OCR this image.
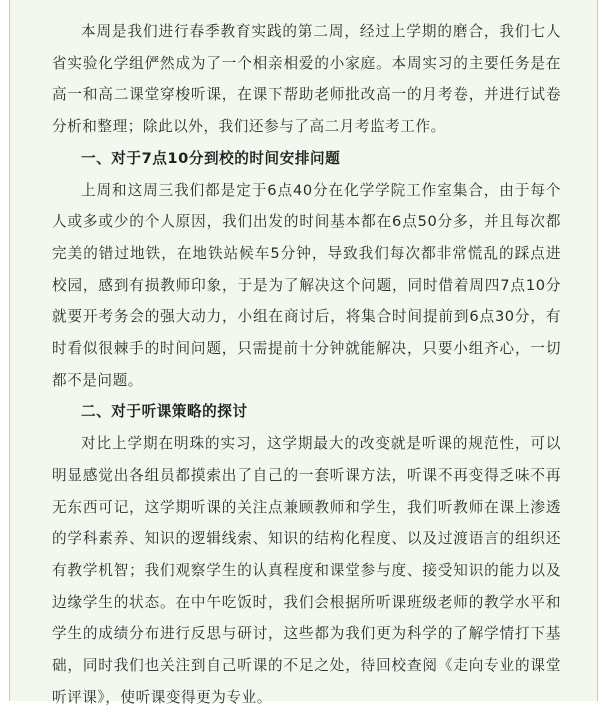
本周是我们进行春季教育实践的第二周，经过上学期的磨合，我们七人省实验化学组俨然成为了一个相亲相爱的小家庭。本周实习的主要任务是在高一和高二课堂穿梭听课，在课下帮助老师批改高一的月考卷，并进行试卷分析和整理；除此以外，我们还参与了高二月考监考工作。

一、对于7点10分到校的时间安排问题

上周和这周三我们都是定于6点40分在化学学院工作室集合，由于每个人或多或少的个人原因，我们出发的时间基本都在6点50分多，并且每次都完美的错过地铁，在地铁站候车5分钟，导致我们每次都非常慌乱的踩点进校园，感到有损教师印象，于是为了解决这个问题，同时借着周四7点10分就要开考务会的强大动力，小组在商讨后，将集合时间提前到6点30分，有时看似很棘手的时间问题，只需提前十分钟就能解决，只要小组齐心，一切都不是问题。

二、对于听课策略的探讨

对比上学期在明珠的实习，这学期最大的改变就是听课的规范性，可以明显感觉出各组员都摸索出了自己的一套听课方法，听课不再变得乏味不再无东西可记，这学期听课的关注点兼顾教师和学生，我们听教师在课上渗透的学科素养、知识的逻辑线索、知识的结构化程度、以及过渡语言的组织还有教学机智；我们观察学生的认真程度和课堂参与度、接受知识的能力以及边缘学生的状态。在中午吃饭时，我们会根据所听课班级老师的教学水平和学生的成绩分布进行反思与研讨，这些都为我们更为科学的了解学情打下基础，同时我们也关注到自己听课的不足之处，待回校查阅《走向专业的课堂听评课》，使听课变得更为专业。
